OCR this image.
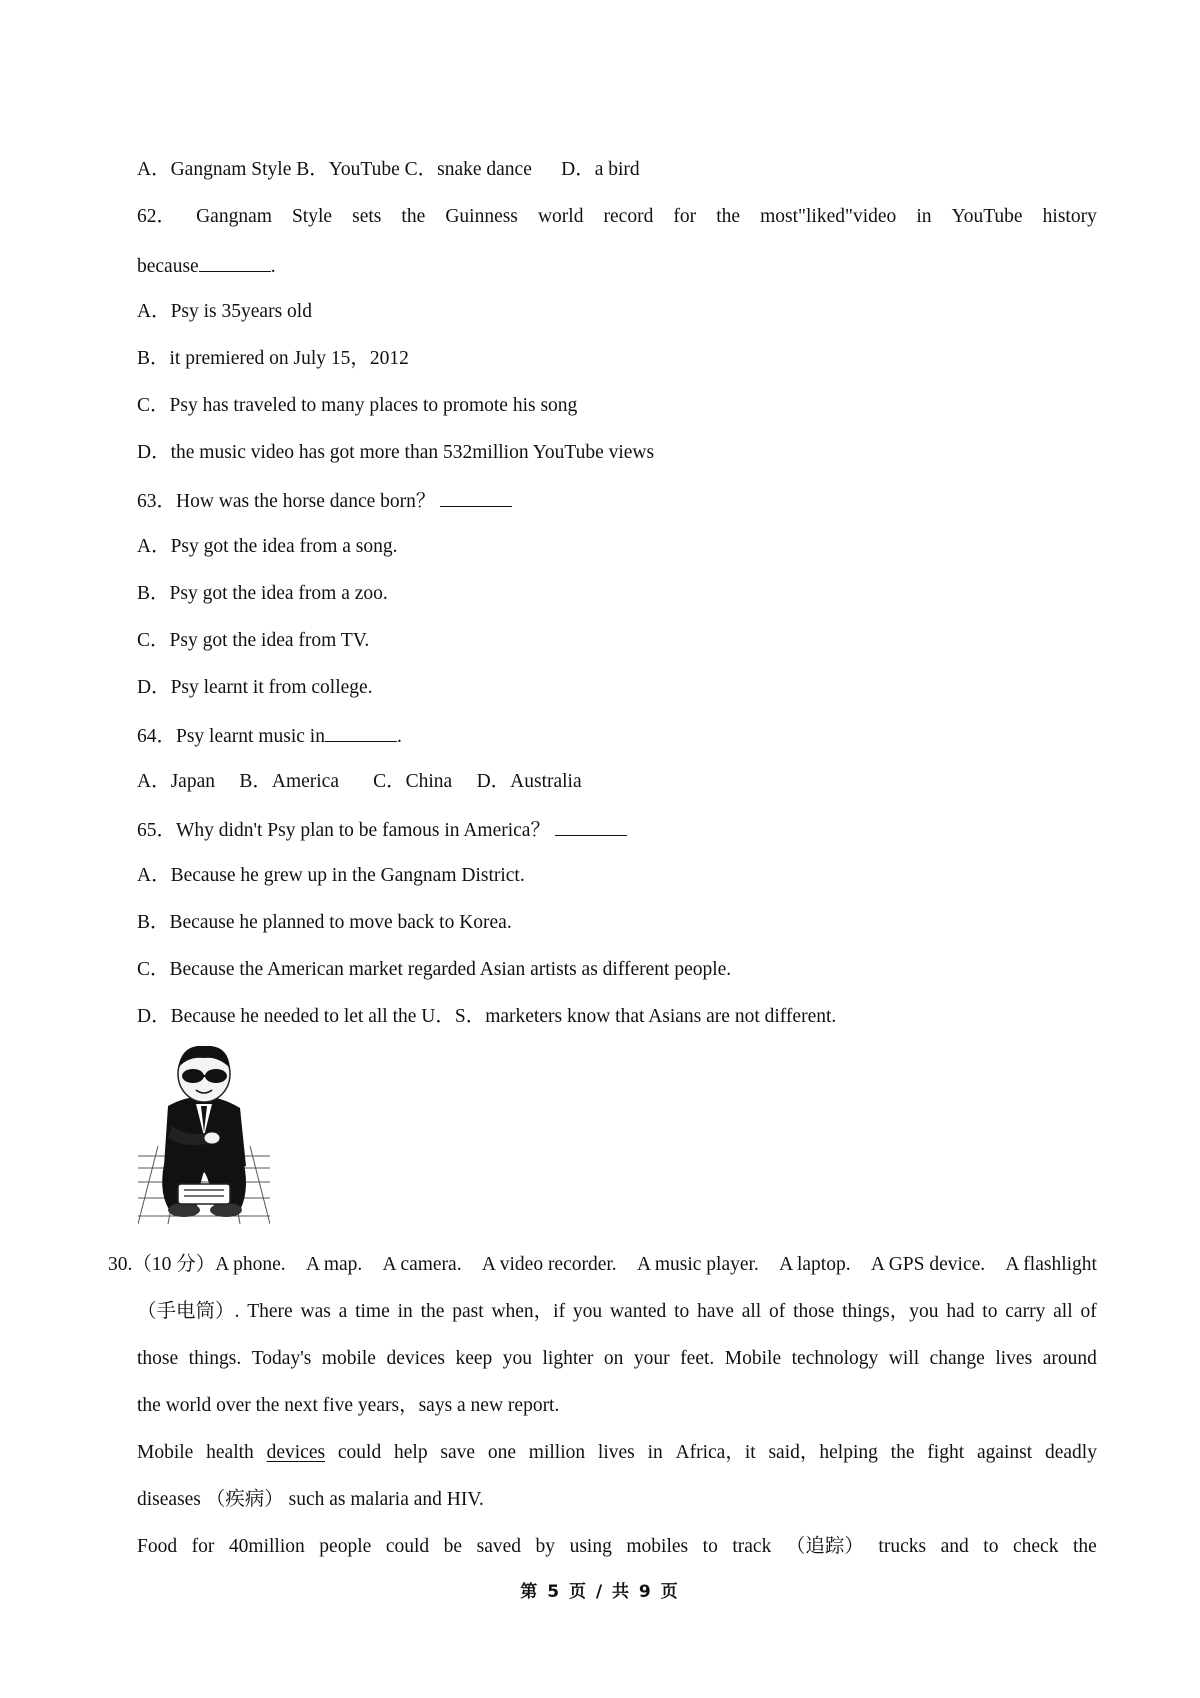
A．Gangnam Style B．YouTube C．snake dance      D．a bird
62． Gangnam Style sets the Guinness world record for the most"liked"video in YouTube history
because	.
A．Psy is 35years old
B．it premiered on July 15，2012
C．Psy has traveled to many places to promote his song
D．the music video has got more than 532million YouTube views
63．How was the horse dance born？
A．Psy got the idea from a song.
B．Psy got the idea from a zoo.
C．Psy got the idea from TV.
D．Psy learnt it from college.
64．Psy learnt music in	.
A．Japan     B．America       C．China     D．Australia
65．Why didn't Psy plan to be famous in America？
A．Because he grew up in the Gangnam District.
B．Because he planned to move back to Korea.
C．Because the American market regarded Asian artists as different people.
D．Because he needed to let all the U．S．marketers know that Asians are not different.
30.（10 分）A phone. A map. A camera. A video recorder. A music player. A laptop. A GPS device. A flashlight
（手电筒）. There was a time in the past when，if you wanted to have all of those things，you had to carry all of
those things. Today's mobile devices keep you lighter on your feet. Mobile technology will change lives around
the world over the next five years，says a new report.
Mobile health devices could help save one million lives in Africa，it said，helping the fight against deadly
diseases （疾病） such as malaria and HIV.
Food for 40million people could be saved by using mobiles to track （追踪） trucks and to check the
第 5 页 / 共 9 页
